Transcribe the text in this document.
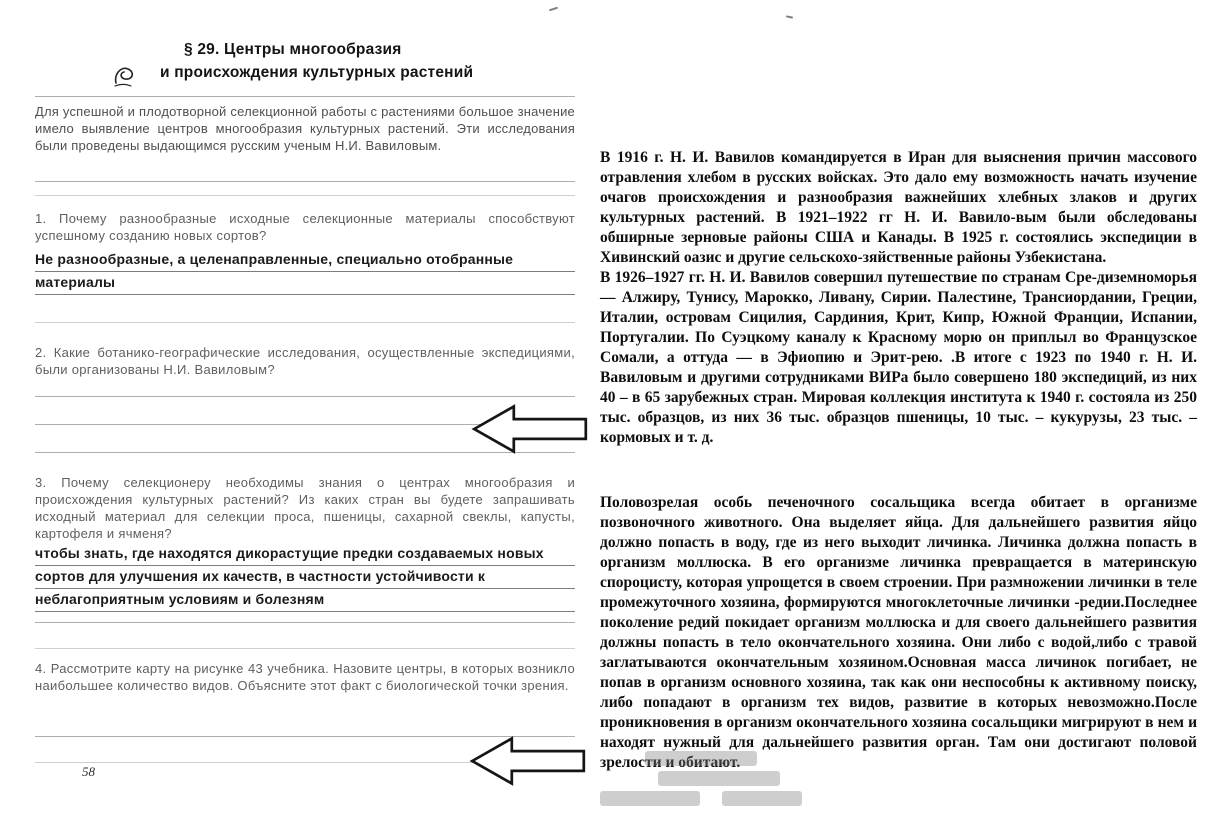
§ 29. Центры многообразия
и происхождения культурных растений
Для успешной и плодотворной селекционной работы с растениями большое значение имело выявление центров многообразия культурных растений. Эти исследования были проведены выдающимся русским ученым Н.И. Вавиловым.
1. Почему разнообразные исходные селекционные материалы способствуют успешному созданию новых сортов?
Не разнообразные, а целенаправленные, специально отобранные
материалы
2. Какие ботанико-географические исследования, осуществленные экспедициями, были организованы Н.И. Вавиловым?
3. Почему селекционеру необходимы знания о центрах многообразия и происхождения культурных растений? Из каких стран вы будете запрашивать исходный материал для селекции проса, пшеницы, сахарной свеклы, капусты, картофеля и ячменя?
чтобы знать, где находятся дикорастущие предки создаваемых новых
сортов для улучшения их качеств, в частности устойчивости к
неблагоприятным условиям и болезням
4. Рассмотрите карту на рисунке 43 учебника. Назовите центры, в которых возникло наибольшее количество видов. Объясните этот факт с биологической точки зрения.
58

В 1916 г. Н. И. Вавилов командируется в Иран для выяснения причин массового отравления хлебом в русских войсках. Это дало ему возможность начать изучение очагов происхождения и разнообразия важнейших хлебных злаков и других культурных растений. В 1921–1922 гг Н. И. Вавило-вым были обследованы обширные зерновые районы США и Канады. В 1925 г. состоялись экспедиции в Хивинский оазис и другие сельскохо-зяйственные районы Узбекистана.

В 1926–1927 гг. Н. И. Вавилов совершил путешествие по странам Сре-диземноморья — Алжиру, Тунису, Марокко, Ливану, Сирии. Палестине, Трансиордании, Греции, Италии, островам Сицилия, Сардиния, Крит, Кипр, Южной Франции, Испании, Португалии. По Суэцкому каналу к Красному морю он приплыл во Французское Сомали, а оттуда — в Эфиопию и Эрит-рею. .В итоге с 1923 по 1940 г. Н. И. Вавиловым и другими сотрудниками ВИРа было совершено 180 экспедиций, из них 40 – в 65 зарубежных стран. Мировая коллекция института к 1940 г. состояла из 250 тыс. образцов, из них 36 тыс. образцов пшеницы, 10 тыс. – кукурузы, 23 тыс. – кормовых и т. д.

Половозрелая особь печеночного сосальщика всегда обитает в организме позвоночного животного. Она выделяет яйца. Для дальнейшего развития яйцо должно попасть в воду, где из него выходит личинка. Личинка должна попасть в организм моллюска. В его организме личинка превращается в материнскую спороцисту, которая упрощется в своем строении. При размножении личинки в теле промежуточного хозяина, формируются многоклеточные личинки -редии.Последнее поколение редий покидает организм моллюска и для своего дальнейшего развития должны попасть в тело окончательного хозяина. Они либо с водой,либо с травой заглатываются окончательным хозяином.Основная масса личинок погибает, не попав в организм основного хозяина, так как они неспособны к активному поиску, либо попадают в организм тех видов, развитие в которых невозможно.После проникновения в организм окончательного хозяина сосальщики мигрируют в нем и находят нужный для дальнейшего развития орган. Там они достигают половой зрелости и обитают.
